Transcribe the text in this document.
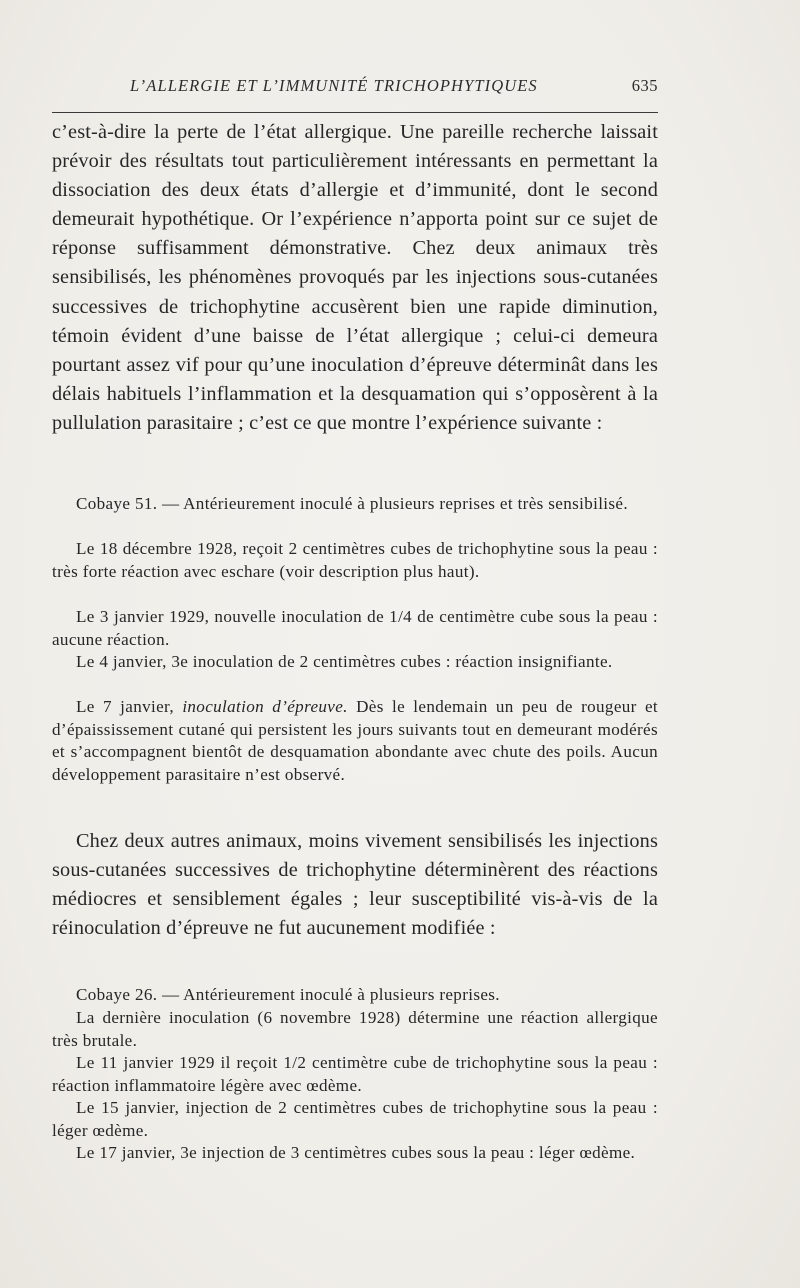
L’ALLERGIE ET L’IMMUNITÉ TRICHOPHYTIQUES	635

c’est-à-dire la perte de l’état allergique. Une pareille recherche laissait prévoir des résultats tout particulièrement intéressants en permettant la dissociation des deux états d’allergie et d’immunité, dont le second demeurait hypothétique. Or l’expérience n’apporta point sur ce sujet de réponse suffisamment démonstrative. Chez deux animaux très sensibilisés, les phénomènes provoqués par les injections sous-cutanées successives de trichophytine accusèrent bien une rapide diminution, témoin évident d’une baisse de l’état allergique ; celui-ci demeura pourtant assez vif pour qu’une inoculation d’épreuve déterminât dans les délais habituels l’inflammation et la desquamation qui s’opposèrent à la pullulation parasitaire ; c’est ce que montre l’expérience suivante :

Cobaye 51. — Antérieurement inoculé à plusieurs reprises et très sensibilisé.

Le 18 décembre 1928, reçoit 2 centimètres cubes de trichophytine sous la peau : très forte réaction avec eschare (voir description plus haut).

Le 3 janvier 1929, nouvelle inoculation de 1/4 de centimètre cube sous la peau : aucune réaction.

Le 4 janvier, 3e inoculation de 2 centimètres cubes : réaction insignifiante.

Le 7 janvier, inoculation d’épreuve. Dès le lendemain un peu de rougeur et d’épaississement cutané qui persistent les jours suivants tout en demeurant modérés et s’accompagnent bientôt de desquamation abondante avec chute des poils. Aucun développement parasitaire n’est observé.

Chez deux autres animaux, moins vivement sensibilisés les injections sous-cutanées successives de trichophytine déterminèrent des réactions médiocres et sensiblement égales ; leur susceptibilité vis-à-vis de la réinoculation d’épreuve ne fut aucunement modifiée :

Cobaye 26. — Antérieurement inoculé à plusieurs reprises.

La dernière inoculation (6 novembre 1928) détermine une réaction allergique très brutale.

Le 11 janvier 1929 il reçoit 1/2 centimètre cube de trichophytine sous la peau : réaction inflammatoire légère avec œdème.

Le 15 janvier, injection de 2 centimètres cubes de trichophytine sous la peau : léger œdème.

Le 17 janvier, 3e injection de 3 centimètres cubes sous la peau : léger œdème.
